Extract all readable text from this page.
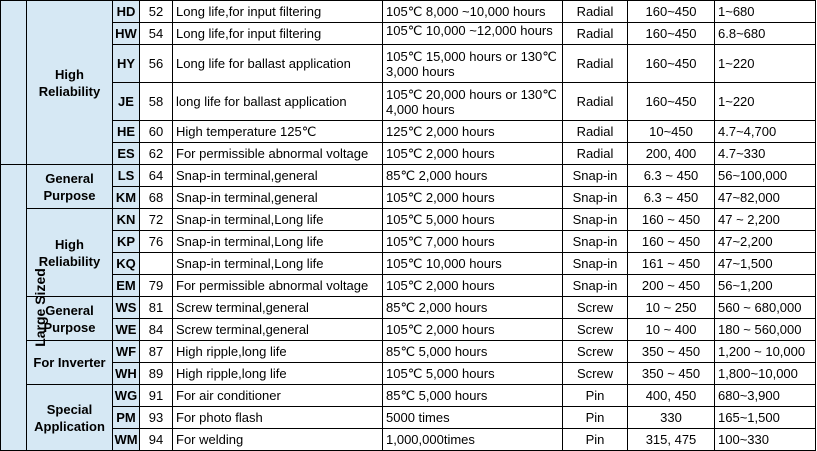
	High Reliability	HD	52	Long life,for input filtering	105℃ 8,000 ~10,000 hours	Radial	160~450	1~680
		HW	54	Long life,for input filtering	105℃ 10,000 ~12,000 hours	Radial	160~450	6.8~680
		HY	56	Long life for ballast application	105℃ 15,000 hours or 130℃ 3,000 hours	Radial	160~450	1~220
		JE	58	long life for ballast application	105℃ 20,000 hours or 130℃ 4,000 hours	Radial	160~450	1~220
		HE	60	High temperature 125℃	125℃ 2,000 hours	Radial	10~450	4.7~4,700
		ES	62	For permissible abnormal voltage	105℃ 2,000 hours	Radial	200, 400	4.7~330
Large Sized	General Purpose	LS	64	Snap-in terminal,general	85℃ 2,000 hours	Snap-in	6.3 ~ 450	56~100,000
		KM	68	Snap-in terminal,general	105℃ 2,000 hours	Snap-in	6.3 ~ 450	47~82,000
	High Reliability	KN	72	Snap-in terminal,Long life	105℃ 5,000 hours	Snap-in	160 ~ 450	47 ~ 2,200
		KP	76	Snap-in terminal,Long life	105℃ 7,000 hours	Snap-in	160 ~ 450	47~2,200
		KQ		Snap-in terminal,Long life	105℃ 10,000 hours	Snap-in	161 ~ 450	47~1,500
		EM	79	For permissible abnormal voltage	105℃ 2,000 hours	Snap-in	200 ~ 450	56~1,200
	General Purpose	WS	81	Screw terminal,general	85℃ 2,000 hours	Screw	10 ~ 250	560 ~ 680,000
		WE	84	Screw terminal,general	105℃ 2,000 hours	Screw	10 ~ 400	180 ~ 560,000
	For Inverter	WF	87	High ripple,long life	85℃ 5,000 hours	Screw	350 ~ 450	1,200 ~ 10,000
		WH	89	High ripple,long life	105℃ 5,000 hours	Screw	350 ~ 450	1,800~10,000
	Special Application	WG	91	For air conditioner	85℃ 5,000 hours	Pin	400, 450	680~3,900
		PM	93	For photo flash	5000 times	Pin	330	165~1,500
		WM	94	For welding	1,000,000times	Pin	315, 475	100~330
